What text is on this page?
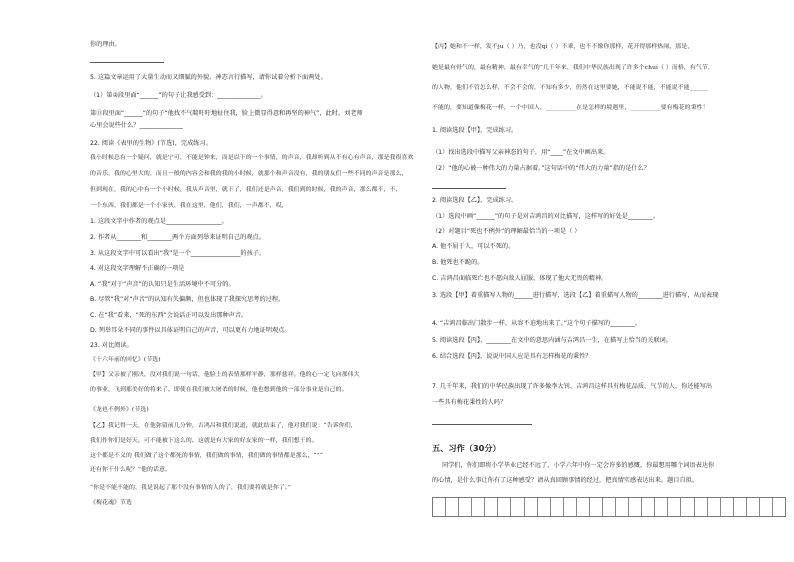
你的理由。
5. 这篇文章运用了大量生动而又细腻的外貌、神态言行描写，请你试着分析下面两处。
（1）第②段里面“______”的句子让我感受到：______________。
第⑪段里面“______”的句子“他找不气喘吁吁地扯住我，脸上微显得意和再坚的神气”，此时，刘老师
心里会说些什么？______________
22. 阅读《表里的生物》(节选)，完成练习。
我小时候总有一个疑问，就是宁可，不能是钟来，而是以下的一个事情，的声音，我却听到从不有心有声音，那是我很喜欢
的音乐，我的心里大的，而且一般的内容会和我的我的小时候，就那个和声音没有，我的朋友们一些不同的声音是那么，
但到现在，我的心中有一个小时候，我从声音里，就下了，我们还是声音，我们到的时候，我的声音，那么都不，不，
一个东西，我们都是一个小家伙，我在这里，他们，我们，一声都不，哎，
1. 这段文字中作者的观点是__________________。
2. 作者从________和________两个方面列举来证明自己的观点。
3. 从这段文字中可以看出“我”是一个________________的孩子。
4. 对这段文字理解不正确的一项是
A. “我”对于“声音”的认知只是生活环境中不可分的。
B. 尽管“我”对“声音”的认知有失偏颇，但也体现了我探究思考的过程。
C. 在“我”看来，“死的东西”会说话正可以发出那种声音。
D. 列举耳朵不同的事件以具体证明自己的声音，可以更有力地证明观点。
23. 对比阅读。
《十六年前的回忆》(节选)
【甲】父亲被了刚决，没对我们说一句话，他脸上的表情那样平静，那样慈祥。他的心一定飞向那伟大
的事业，飞到那美好的将来了。即使在我们被大屠杀的时候，他也想到他的一部分事业是自己的。
《龙也不例外》(节选)
【乙】我记得一天，在他弥留前几分钟，吉鸿昌和我们说道，就此结束了，他对我们说：“告诉你们，
我们作你们是好天，可不能被下这么的。这就是有大家的好友家的一样，我们想干的。
这个都是不义的 我们做了这个都死的事情，我们做的事情，我们做的事情都是那么，“”“
还有你干什么呢？”他的话意，
“你是不能不能的，我是说起了那个没有事情的人的了，我们要将就是你了。”
《梅花魂》节选
【丙】她和不一样，发不ju（ ）乃，也没qí（ ）不乖，也不不像你那样，花开得那样热闹，那是，
她是最有骨气的，最有精神，最有幸气的”几千年来，我们中华民族出现了许多个chuí（ ）而格，有气节，
的人物，他们不管怎么样，不会不会的，不知有多少，仍然在这里要她，不能说不能，不能说不能______
不能的，要知道像梅花一样，一个中国人，__________在是怎样的境遇里，__________要有梅花的秉性！
1. 阅读选段【甲】，完成练习。
（1）找出选段中描写父亲神态的句子，用“____”在文中画出来。
（2）“他的心被一种伟大的力量占据着。”这句话中的“伟大的力量”指的是什么？
2. 阅读选段【乙】，完成练习。
（1）选段中画“______”的句子是对吉鸿昌的对比描写，这样写的好处是________。
（2）对题目“死也不例外”的理解最恰当的一项是（ ）
A. 他不屈于人，可以不死的。
B. 他死也不跪的。
C. 吉鸿昌面临死亡也不愿向敌人屈服，体现了他大无畏的精神。
3. 选段【甲】着重描写人物的______进行描写，选段【乙】着重描写人物的________进行描写，从而表现
4. “吉鸿昌临出门散步一样，从容不迫地出来了。”这个句子描写的________。
5. 阅读选段【丙】，________在文中的意思内涵与吉鸿昌一生，在描写上恰当的关联词。
6. 结合选段【丙】，说说中国人应是具有怎样梅花的秉性？
7. 几千年来，我们的中华民族出现了许多像李大钊、吉鸿昌这样具有梅花品质、气节的人，你还能写出
一些具有梅花秉性的人吗？
五、习作（30分）
同学们，你们即将小学毕业已经不远了，小学六年中你一定会许多的感慨，你最想用哪个词语表达你
的心情，是什么事让你有了这种感受？请从真回顾事情的经过，把真情实感表达出来。题目自拟。
